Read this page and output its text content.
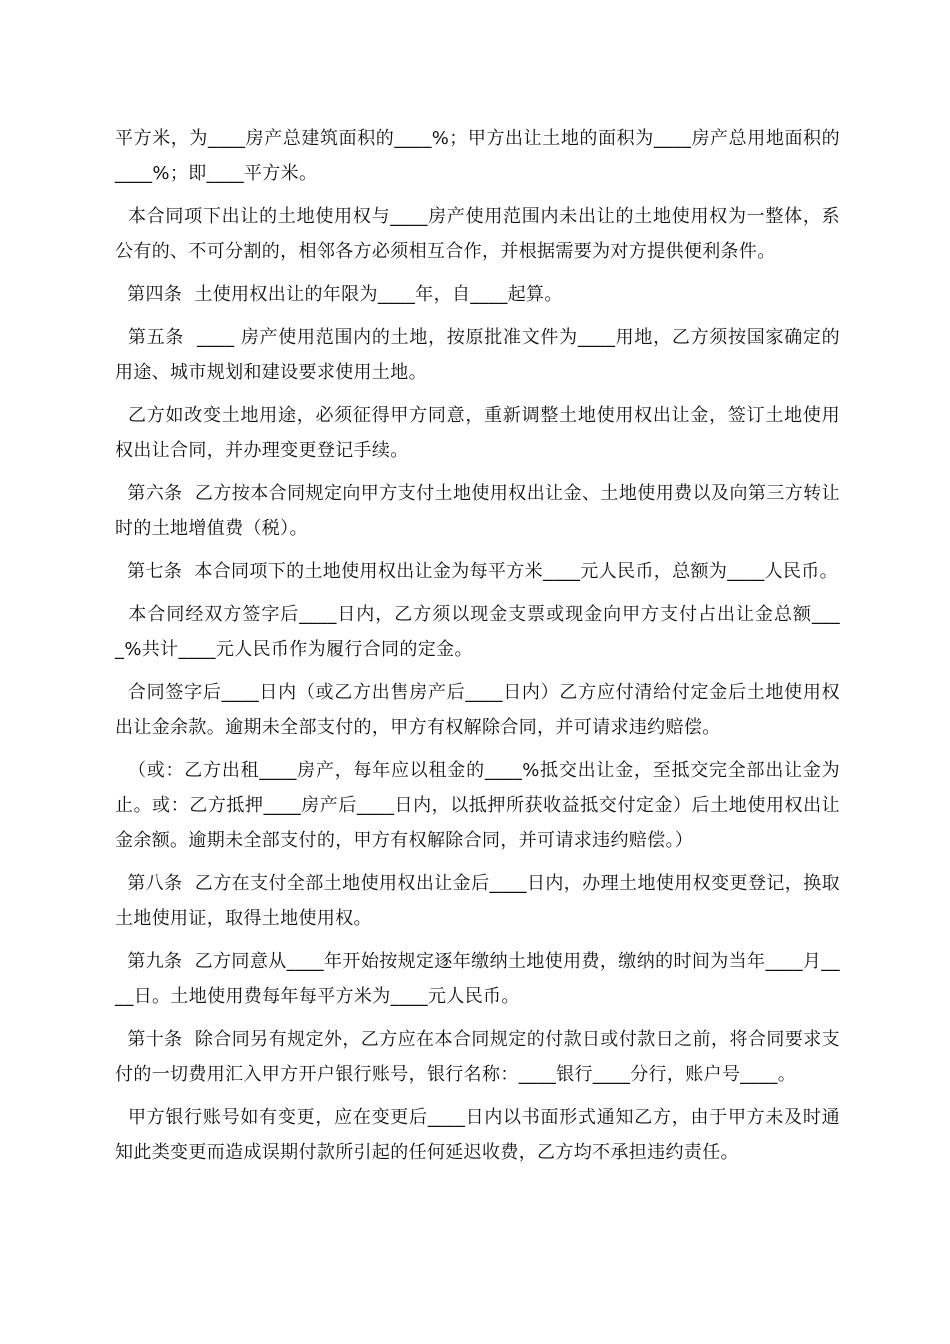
平方米，为____房产总建筑面积的____%；甲方出让土地的面积为____房产总用地面积的____%；即____平方米。

本合同项下出让的土地使用权与____房产使用范围内未出让的土地使用权为一整体，系公有的、不可分割的，相邻各方必须相互合作，并根据需要为对方提供便利条件。

第四条  土使用权出让的年限为____年，自____起算。

第五条  ____ 房产使用范围内的土地，按原批准文件为____用地，乙方须按国家确定的用途、城市规划和建设要求使用土地。

乙方如改变土地用途，必须征得甲方同意，重新调整土地使用权出让金，签订土地使用权出让合同，并办理变更登记手续。

第六条  乙方按本合同规定向甲方支付土地使用权出让金、土地使用费以及向第三方转让时的土地增值费（税）。

第七条  本合同项下的土地使用权出让金为每平方米____元人民币，总额为____人民币。

本合同经双方签字后____日内，乙方须以现金支票或现金向甲方支付占出让金总额____%共计____元人民币作为履行合同的定金。

合同签字后____日内（或乙方出售房产后____日内）乙方应付清给付定金后土地使用权出让金余款。逾期未全部支付的，甲方有权解除合同，并可请求违约赔偿。

（或：乙方出租____房产，每年应以租金的____%抵交出让金，至抵交完全部出让金为止。或：乙方抵押____房产后____日内，以抵押所获收益抵交付定金）后土地使用权出让金余额。逾期未全部支付的，甲方有权解除合同，并可请求违约赔偿。）

第八条  乙方在支付全部土地使用权出让金后____日内，办理土地使用权变更登记，换取土地使用证，取得土地使用权。

第九条  乙方同意从____年开始按规定逐年缴纳土地使用费，缴纳的时间为当年____月____日。土地使用费每年每平方米为____元人民币。

第十条  除合同另有规定外，乙方应在本合同规定的付款日或付款日之前，将合同要求支付的一切费用汇入甲方开户银行账号，银行名称：____银行____分行，账户号____。

甲方银行账号如有变更，应在变更后____日内以书面形式通知乙方，由于甲方未及时通知此类变更而造成误期付款所引起的任何延迟收费，乙方均不承担违约责任。
